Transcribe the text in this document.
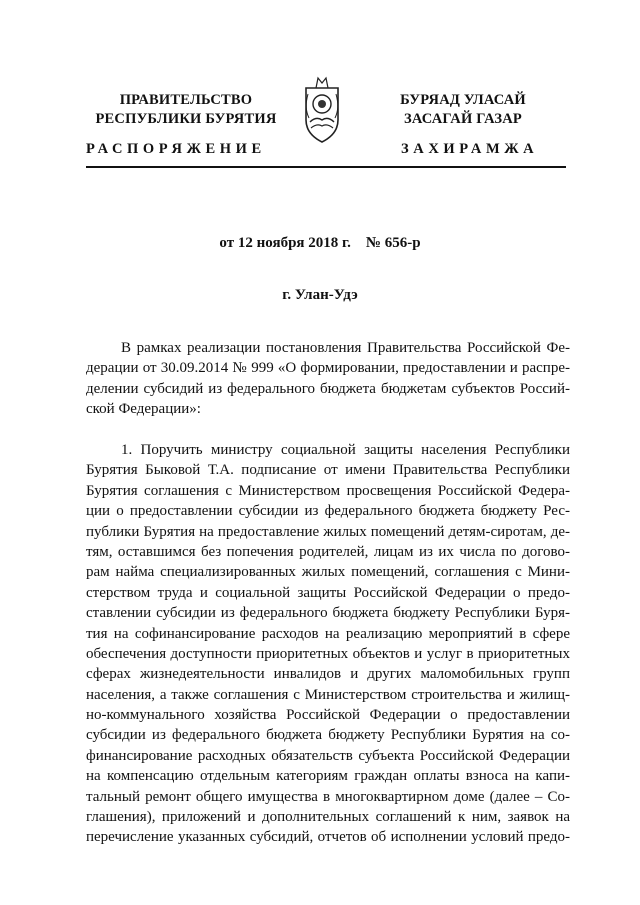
ПРАВИТЕЛЬСТВО
РЕСПУБЛИКИ БУРЯТИЯ
БУРЯАД УЛАСАЙ
ЗАСАГАЙ ГАЗАР
РАСПОРЯЖЕНИЕ	ЗАХИРАМЖА
от 12 ноября 2018 г.    № 656-р
г. Улан-Удэ
В рамках реализации постановления Правительства Российской Фе-
дерации от 30.09.2014 № 999 «О формировании, предоставлении и распре-
делении субсидий из федерального бюджета бюджетам субъектов Россий-
ской Федерации»:
1. Поручить министру социальной защиты населения Республики
Бурятия Быковой Т.А. подписание от имени Правительства Республики
Бурятия соглашения с Министерством просвещения Российской Федера-
ции о предоставлении субсидии из федерального бюджета бюджету Рес-
публики Бурятия на предоставление жилых помещений детям-сиротам, де-
тям, оставшимся без попечения родителей, лицам из их числа по догово-
рам найма специализированных жилых помещений, соглашения с Мини-
стерством труда и социальной защиты Российской Федерации о предо-
ставлении субсидии из федерального бюджета бюджету Республики Буря-
тия на софинансирование расходов на реализацию мероприятий в сфере
обеспечения доступности приоритетных объектов и услуг в приоритетных
сферах жизнедеятельности инвалидов и других маломобильных групп
населения, а также соглашения с Министерством строительства и жилищ-
но-коммунального хозяйства Российской Федерации о предоставлении
субсидии из федерального бюджета бюджету Республики Бурятия на со-
финансирование расходных обязательств субъекта Российской Федерации
на компенсацию отдельным категориям граждан оплаты взноса на капи-
тальный ремонт общего имущества в многоквартирном доме (далее – Со-
глашения), приложений и дополнительных соглашений к ним, заявок на
перечисление указанных субсидий, отчетов об исполнении условий предо-
